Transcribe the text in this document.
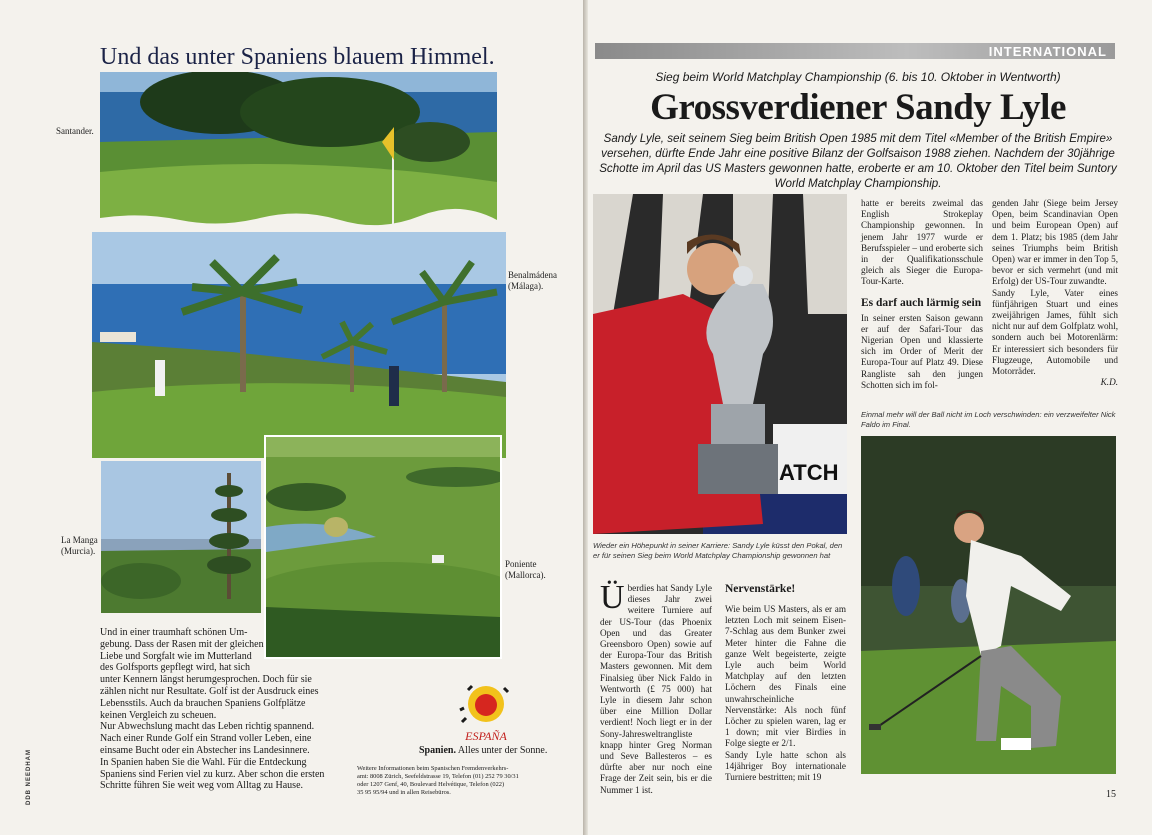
Und das unter Spaniens blauem Himmel.
Santander.
Benalmádena
(Málaga).
La Manga
(Murcia).
Poniente
(Mallorca).

Und in einer traumhaft schönen Um-

gebung. Dass der Rasen mit der gleichen

Liebe und Sorgfalt wie im Mutterland

des Golfsports gepflegt wird, hat sich

unter Kennern längst herumgesprochen. Doch für sie

zählen nicht nur Resultate. Golf ist der Ausdruck eines

Lebensstils. Auch da brauchen Spaniens Golfplätze

keinen Vergleich zu scheuen.

Nur Abwechslung macht das Leben richtig spannend.

Nach einer Runde Golf ein Strand voller Leben, eine

einsame Bucht oder ein Abstecher ins Landesinnere.

In Spanien haben Sie die Wahl. Für die Entdeckung

Spaniens sind Ferien viel zu kurz. Aber schon die ersten

Schritte führen Sie weit weg vom Alltag zu Hause.

ESPAÑA
Spanien. Alles unter der Sonne.
Weitere Informationen beim Spanischen Fremdenverkehrs-
amt: 8008 Zürich, Seefeldstrasse 19, Telefon (01) 252 79 30/31
oder 1207 Genf, 40, Boulevard Helvétique, Telefon (022)
35 95 95/94 und in allen Reisebüros.
DDB NEEDHAM
INTERNATIONAL
Sieg beim World Matchplay Championship (6. bis 10. Oktober in Wentworth)
Grossverdiener Sandy Lyle
Sandy Lyle, seit seinem Sieg beim British Open 1985 mit dem Titel «Member of the British Empire» versehen, dürfte Ende Jahr eine positive Bilanz der Golfsaison 1988 ziehen. Nachdem der 30jährige Schotte im April das US Masters gewonnen hatte, eroberte er am 10. Oktober den Titel beim Suntory World Matchplay Championship.
ATCH
Wieder ein Höhepunkt in seiner Karriere: Sandy Lyle küsst den Pokal, den er für seinen Sieg beim World Matchplay Championship gewonnen hat

hatte er bereits zweimal das English Strokeplay Championship gewonnen. In jenem Jahr 1977 wurde er Berufsspieler – und eroberte sich in der Qualifikationsschule gleich als Sieger die Europa-Tour-Karte.

Es darf auch lärmig sein

In seiner ersten Saison gewann er auf der Safari-Tour das Nigerian Open und klassierte sich im Order of Merit der Europa-Tour auf Platz 49. Diese Rangliste sah den jungen Schotten sich im fol-

genden Jahr (Siege beim Jersey Open, beim Scandinavian Open und beim European Open) auf dem 1. Platz; bis 1985 (dem Jahr seines Triumphs beim British Open) war er immer in den Top 5, bevor er sich vermehrt (und mit Erfolg) der US-Tour zuwandte.

Sandy Lyle, Vater eines fünfjährigen Stuart und eines zweijährigen James, fühlt sich nicht nur auf dem Golfplatz wohl, sondern auch bei Motorenlärm: Er interessiert sich besonders für Flugzeuge, Automobile und Motorräder.

K.D.

Einmal mehr will der Ball nicht im Loch verschwinden: ein verzweifelter Nick Faldo im Final.
Ü berdies hat Sandy Lyle dieses Jahr zwei weitere Turniere auf der US-Tour (das Phoenix Open und das Greater Greensboro Open) sowie auf der Europa-Tour das British Masters gewonnen. Mit dem Finalsieg über Nick Faldo in Wentworth (£ 75 000) hat Lyle in diesem Jahr schon über eine Million Dollar verdient! Noch liegt er in der Sony-Jahresweltrangliste knapp hinter Greg Norman und Seve Ballesteros – es dürfte aber nur noch eine Frage der Zeit sein, bis er die Nummer 1 ist.

Nervenstärke!

Wie beim US Masters, als er am letzten Loch mit seinem Eisen-7-Schlag aus dem Bunker zwei Meter hinter die Fahne die ganze Welt begeisterte, zeigte Lyle auch beim World Matchplay auf den letzten Löchern des Finals eine unwahrscheinliche Nervenstärke: Als noch fünf Löcher zu spielen waren, lag er 1 down; mit vier Birdies in Folge siegte er 2/1.

Sandy Lyle hatte schon als 14jähriger Boy internationale Turniere bestritten; mit 19

15
